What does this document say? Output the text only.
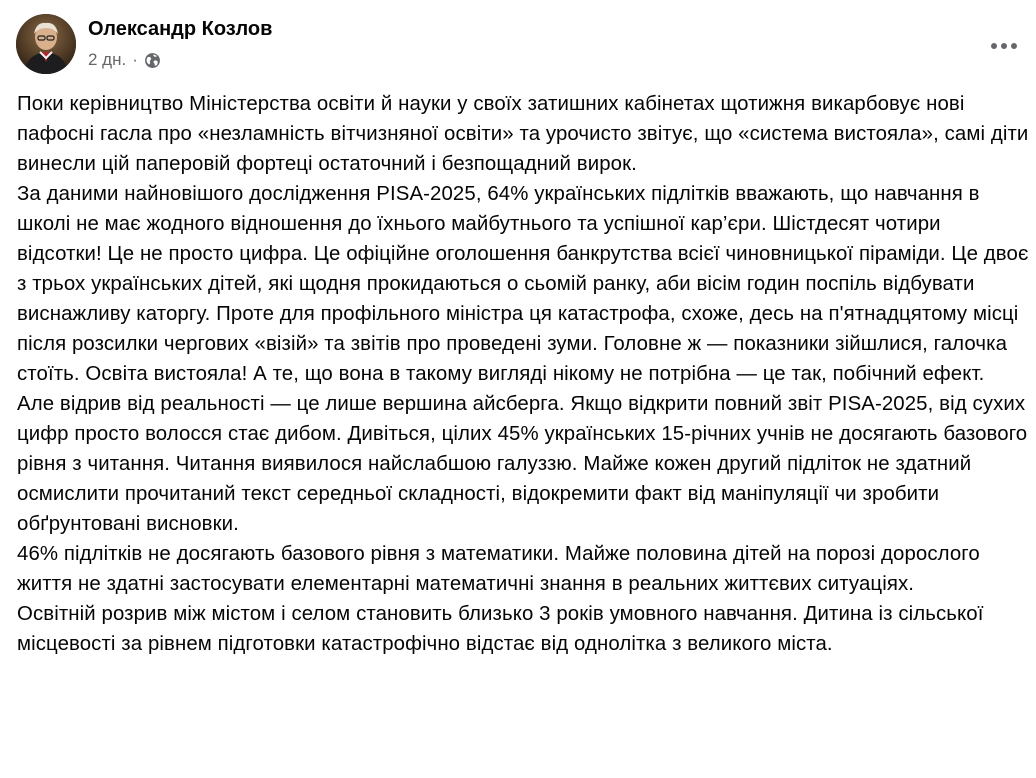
Олександр Козлов
2 дн. ·

Поки керівництво Міністерства освіти й науки у своїх затишних кабінетах щотижня викарбовує нові пафосні гасла про «незламність вітчизняної освіти» та урочисто звітує, що «система вистояла», самі діти винесли цій паперовій фортеці остаточний і безпощадний вирок.

За даними найновішого дослідження PISA-2025, 64% українських підлітків вважають, що навчання в школі не має жодного відношення до їхнього майбутнього та успішної кар’єри. Шістдесят чотири відсотки! Це не просто цифра. Це офіційне оголошення банкрутства всієї чиновницької піраміди. Це двоє з трьох українських дітей, які щодня прокидаються о сьомій ранку, аби вісім годин поспіль відбувати виснажливу каторгу. Проте для профільного міністра ця катастрофа, схоже, десь на п'ятнадцятому місці після розсилки чергових «візій» та звітів про проведені зуми. Головне ж — показники зійшлися, галочка стоїть. Освіта вистояла! А те, що вона в такому вигляді нікому не потрібна — це так, побічний ефект.

Але відрив від реальності — це лише вершина айсберга. Якщо відкрити повний звіт PISA-2025, від сухих цифр просто волосся стає дибом. Дивіться, цілих 45% українських 15-річних учнів не досягають базового рівня з читання. Читання виявилося найслабшою галуззю. Майже кожен другий підліток не здатний осмислити прочитаний текст середньої складності, відокремити факт від маніпуляції чи зробити обґрунтовані висновки.

46% підлітків не досягають базового рівня з математики. Майже половина дітей на порозі дорослого життя не здатні застосувати елементарні математичні знання в реальних життєвих ситуаціях.

Освітній розрив між містом і селом становить близько 3 років умовного навчання. Дитина із сільської місцевості за рівнем підготовки катастрофічно відстає від однолітка з великого міста.
